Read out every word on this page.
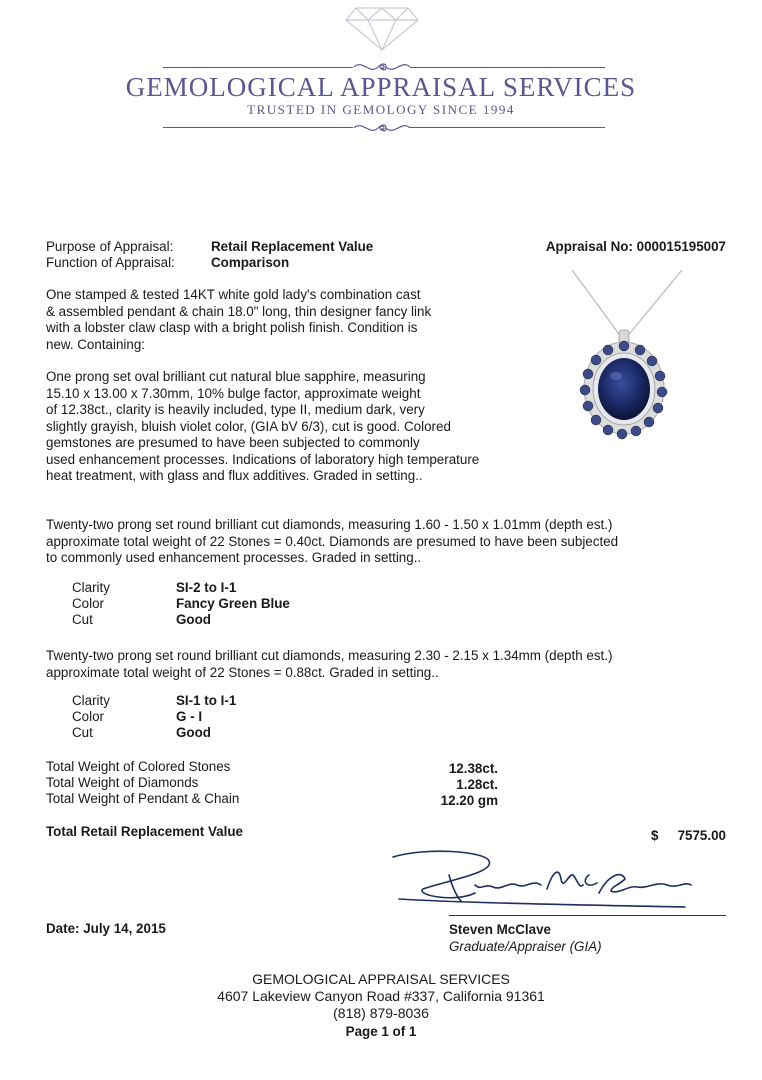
GEMOLOGICAL APPRAISAL SERVICES
TRUSTED IN GEMOLOGY SINCE 1994
Purpose of Appraisal:	Retail Replacement Value	Appraisal No: 000015195007
Function of Appraisal:	Comparison
One stamped & tested 14KT white gold lady's combination cast
& assembled pendant & chain 18.0" long, thin designer fancy link
with a lobster claw clasp with a bright polish finish. Condition is
new. Containing:
One prong set oval brilliant cut natural blue sapphire, measuring
15.10 x 13.00 x 7.30mm, 10% bulge factor, approximate weight
of 12.38ct., clarity is heavily included, type II, medium dark, very
slightly grayish, bluish violet color, (GIA bV 6/3), cut is good. Colored
gemstones are presumed to have been subjected to commonly
used enhancement processes. Indications of laboratory high temperature
heat treatment, with glass and flux additives. Graded in setting..
Twenty-two prong set round brilliant cut diamonds, measuring 1.60 - 1.50 x 1.01mm (depth est.)
approximate total weight of 22 Stones = 0.40ct. Diamonds are presumed to have been subjected
to commonly used enhancement processes. Graded in setting..
Clarity	SI-2 to I-1
Color	Fancy Green Blue
Cut	Good
Twenty-two prong set round brilliant cut diamonds, measuring 2.30 - 2.15 x 1.34mm (depth est.)
approximate total weight of 22 Stones = 0.88ct. Graded in setting..
Clarity	SI-1 to I-1
Color	G - I
Cut	Good
Total Weight of Colored Stones	12.38ct.
Total Weight of Diamonds	1.28ct.
Total Weight of Pendant & Chain	12.20 gm
Total Retail Replacement Value	$	7575.00
Date: July 14, 2015	Steven McClave
Graduate/Appraiser (GIA)
GEMOLOGICAL APPRAISAL SERVICES
4607 Lakeview Canyon Road #337, California 91361
(818) 879-8036
Page 1 of 1
